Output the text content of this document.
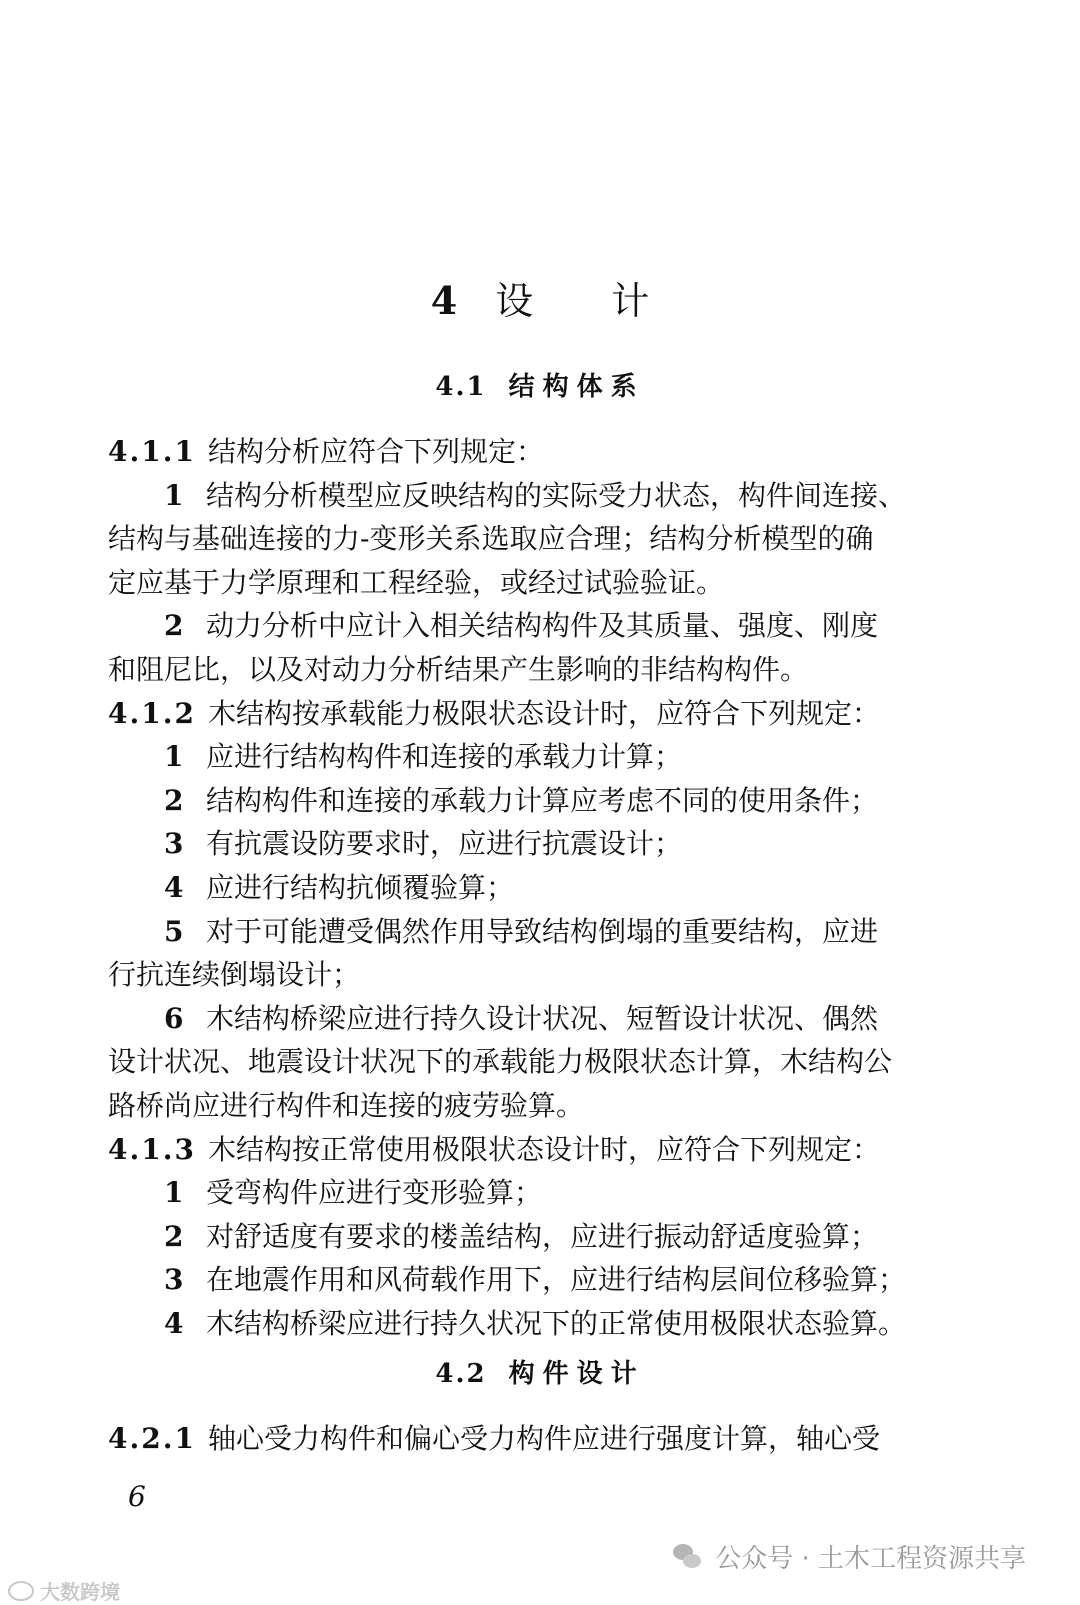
4 设 计
4.1 结构体系
4.1.1 结构分析应符合下列规定：
1 结构分析模型应反映结构的实际受力状态，构件间连接、
结构与基础连接的力-变形关系选取应合理；结构分析模型的确
定应基于力学原理和工程经验，或经过试验验证。
2 动力分析中应计入相关结构构件及其质量、强度、刚度
和阻尼比，以及对动力分析结果产生影响的非结构构件。
4.1.2 木结构按承载能力极限状态设计时，应符合下列规定：
1 应进行结构构件和连接的承载力计算；
2 结构构件和连接的承载力计算应考虑不同的使用条件；
3 有抗震设防要求时，应进行抗震设计；
4 应进行结构抗倾覆验算；
5 对于可能遭受偶然作用导致结构倒塌的重要结构，应进
行抗连续倒塌设计；
6 木结构桥梁应进行持久设计状况、短暂设计状况、偶然
设计状况、地震设计状况下的承载能力极限状态计算，木结构公
路桥尚应进行构件和连接的疲劳验算。
4.1.3 木结构按正常使用极限状态设计时，应符合下列规定：
1 受弯构件应进行变形验算；
2 对舒适度有要求的楼盖结构，应进行振动舒适度验算；
3 在地震作用和风荷载作用下，应进行结构层间位移验算；
4 木结构桥梁应进行持久状况下的正常使用极限状态验算。
4.2 构件设计
4.2.1 轴心受力构件和偏心受力构件应进行强度计算，轴心受
6
公众号 · 土木工程资源共享
大数跨境
